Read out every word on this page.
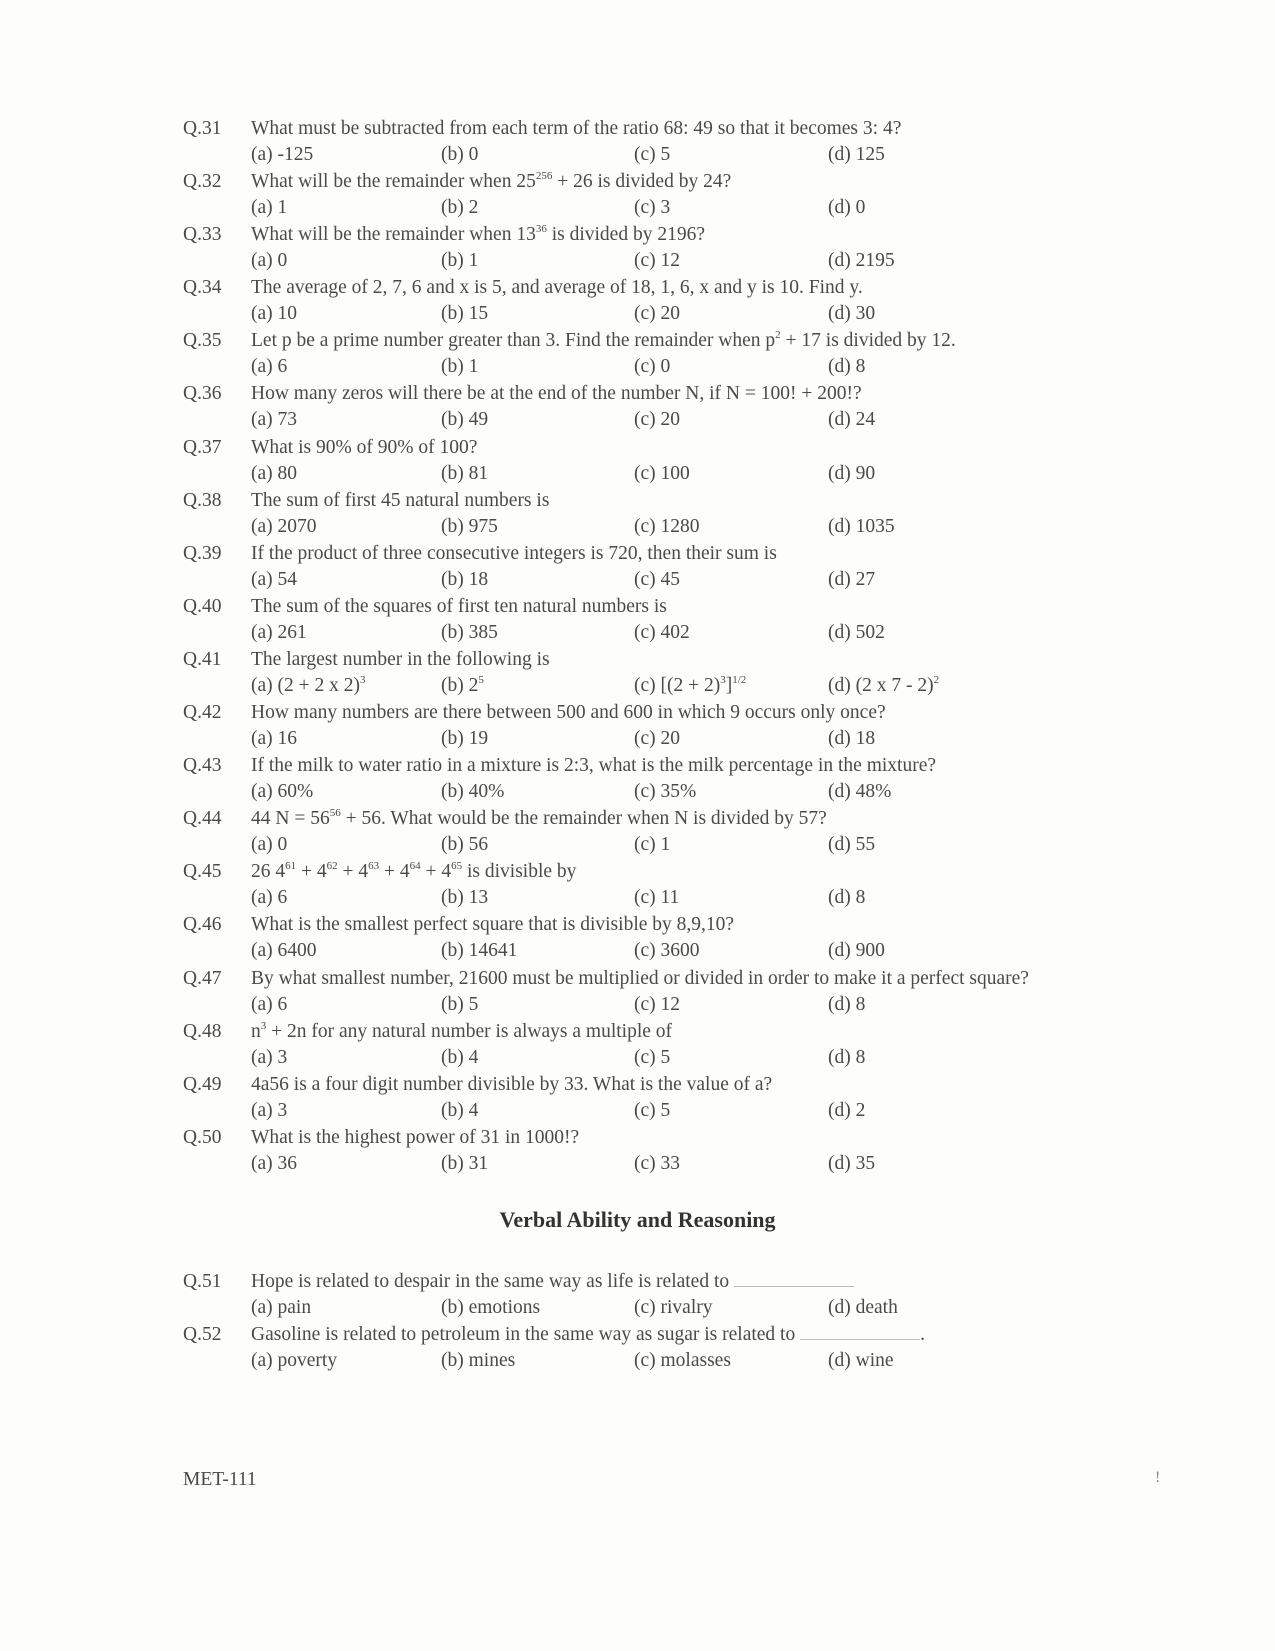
Q.31 What must be subtracted from each term of the ratio 68: 49 so that it becomes 3: 4?
(a) -125	(b) 0	(c) 5	(d) 125
Q.32 What will be the remainder when $25^{256} + 26$ is divided by 24?
(a) 1	(b) 2	(c) 3	(d) 0
Q.33 What will be the remainder when $13^{36}$ is divided by 2196?
(a) 0	(b) 1	(c) 12	(d) 2195
Q.34 The average of 2, 7, 6 and x is 5, and average of 18, 1, 6, x and y is 10. Find y.
(a) 10	(b) 15	(c) 20	(d) 30
Q.35 Let p be a prime number greater than 3. Find the remainder when $p^2 + 17$ is divided by 12.
(a) 6	(b) 1	(c) 0	(d) 8
Q.36 How many zeros will there be at the end of the number N, if N = 100! + 200!?
(a) 73	(b) 49	(c) 20	(d) 24
Q.37 What is 90% of 90% of 100?
(a) 80	(b) 81	(c) 100	(d) 90
Q.38 The sum of first 45 natural numbers is
(a) 2070	(b) 975	(c) 1280	(d) 1035
Q.39 If the product of three consecutive integers is 720, then their sum is
(a) 54	(b) 18	(c) 45	(d) 27
Q.40 The sum of the squares of first ten natural numbers is
(a) 261	(b) 385	(c) 402	(d) 502
Q.41 The largest number in the following is
(a) (2 + 2 x 2)$^3$	(b) $2^5$	(c) $[(2 + 2)^3]^{1/2}$	(d) (2 x 7 - 2)$^2$
Q.42 How many numbers are there between 500 and 600 in which 9 occurs only once?
(a) 16	(b) 19	(c) 20	(d) 18
Q.43 If the milk to water ratio in a mixture is 2:3, what is the milk percentage in the mixture?
(a) 60%	(b) 40%	(c) 35%	(d) 48%
Q.44 44 $N = 56^{56} + 56$. What would be the remainder when N is divided by 57?
(a) 0	(b) 56	(c) 1	(d) 55
Q.45 26 $4^{61} + 4^{62} + 4^{63} + 4^{64} + 4^{65}$ is divisible by
(a) 6	(b) 13	(c) 11	(d) 8
Q.46 What is the smallest perfect square that is divisible by 8,9,10?
(a) 6400	(b) 14641	(c) 3600	(d) 900
Q.47 By what smallest number, 21600 must be multiplied or divided in order to make it a perfect square?
(a) 6	(b) 5	(c) 12	(d) 8
Q.48 $n^3 + 2n$ for any natural number is always a multiple of
(a) 3	(b) 4	(c) 5	(d) 8
Q.49 4a56 is a four digit number divisible by 33. What is the value of a?
(a) 3	(b) 4	(c) 5	(d) 2
Q.50 What is the highest power of 31 in 1000!?
(a) 36	(b) 31	(c) 33	(d) 35
Verbal Ability and Reasoning
Q.51 Hope is related to despair in the same way as life is related to
(a) pain	(b) emotions	(c) rivalry	(d) death
Q.52 Gasoline is related to petroleum in the same way as sugar is related to	.
(a) poverty	(b) mines	(c) molasses	(d) wine
MET-111	!
